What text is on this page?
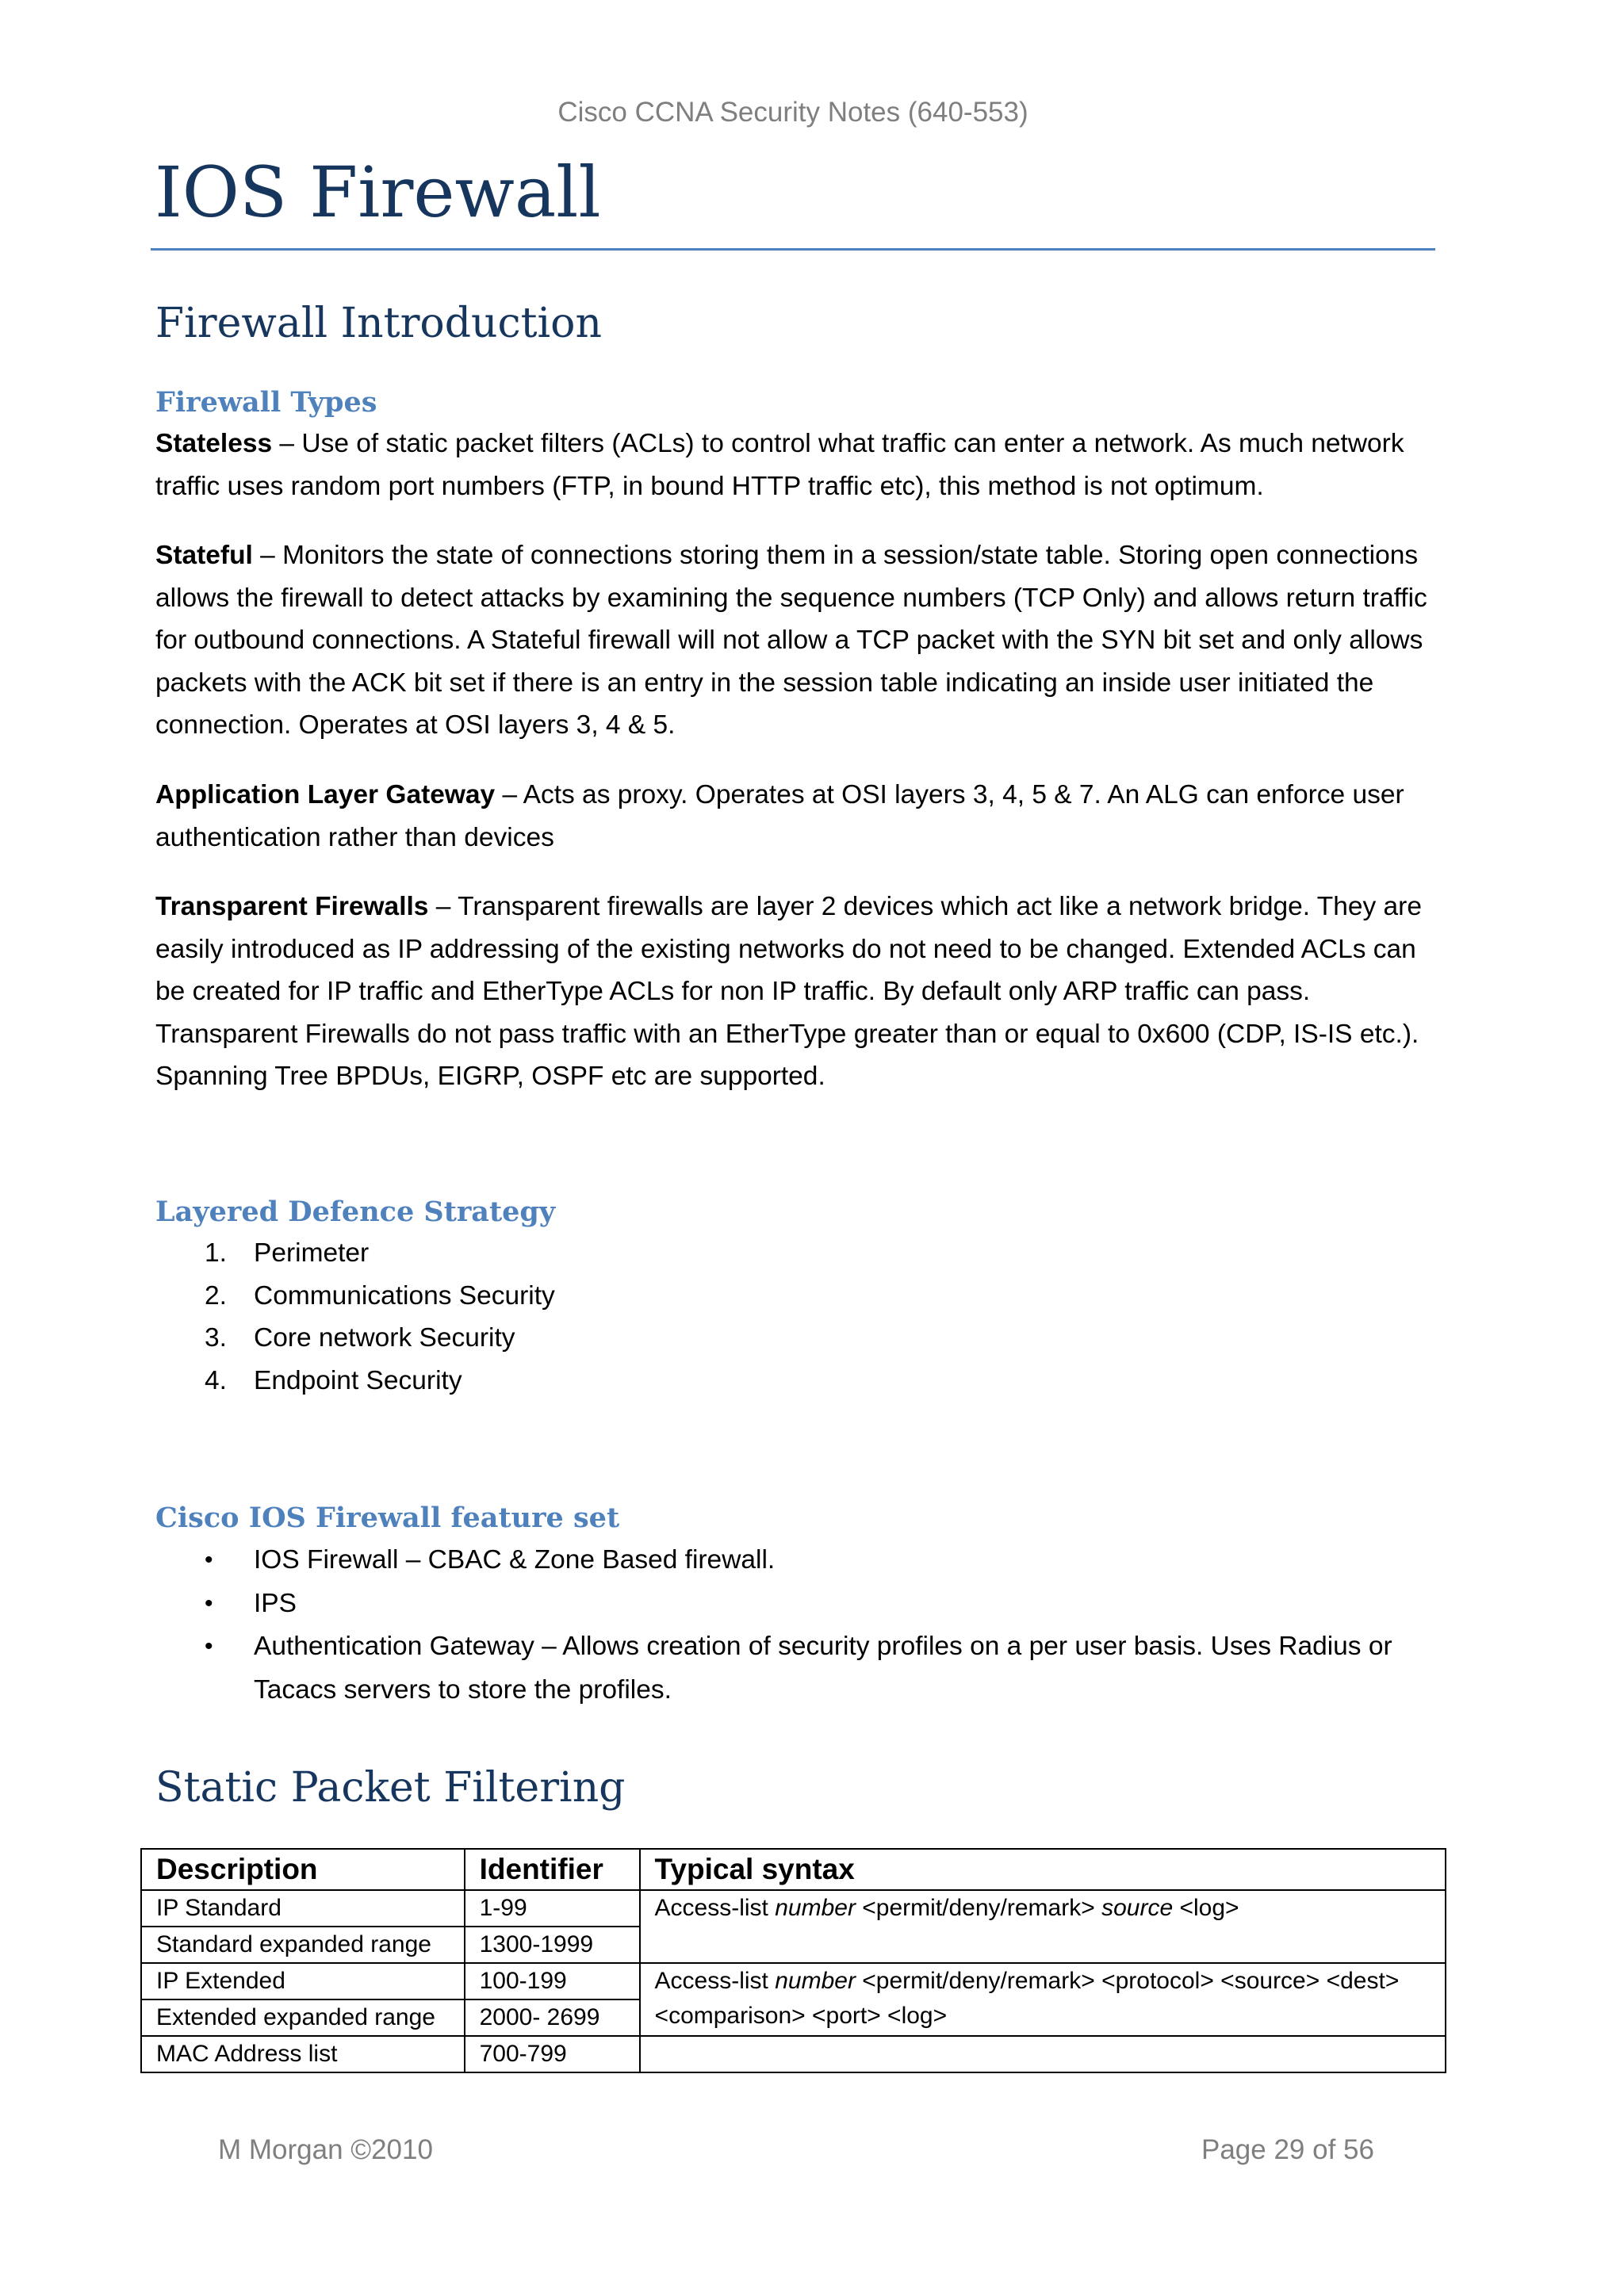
Cisco CCNA Security Notes (640-553)
IOS Firewall
Firewall Introduction
Firewall Types

Stateless – Use of static packet filters (ACLs) to control what traffic can enter a network. As much network traffic uses random port numbers (FTP, in bound HTTP traffic etc), this method is not optimum.

Stateful – Monitors the state of connections storing them in a session/state table. Storing open connections allows the firewall to detect attacks by examining the sequence numbers (TCP Only) and allows return traffic for outbound connections. A Stateful firewall will not allow a TCP packet with the SYN bit set and only allows packets with the ACK bit set if there is an entry in the session table indicating an inside user initiated the connection. Operates at OSI layers 3, 4 & 5.

Application Layer Gateway – Acts as proxy. Operates at OSI layers 3, 4, 5 & 7. An ALG can enforce user authentication rather than devices

Transparent Firewalls – Transparent firewalls are layer 2 devices which act like a network bridge. They are easily introduced as IP addressing of the existing networks do not need to be changed. Extended ACLs can be created for IP traffic and EtherType ACLs for non IP traffic. By default only ARP traffic can pass. Transparent Firewalls do not pass traffic with an EtherType greater than or equal to 0x600 (CDP, IS-IS etc.). Spanning Tree BPDUs, EIGRP, OSPF etc are supported.

Layered Defence Strategy
1. Perimeter
2. Communications Security
3. Core network Security
4. Endpoint Security
Cisco IOS Firewall feature set
• IOS Firewall – CBAC & Zone Based firewall.
• IPS
• Authentication Gateway – Allows creation of security profiles on a per user basis. Uses Radius or Tacacs servers to store the profiles.
Static Packet Filtering
Description	Identifier	Typical syntax
IP Standard	1-99	Access-list number <permit/deny/remark> source <log>
Standard expanded range	1300-1999	
IP Extended	100-199	Access-list number <permit/deny/remark> <protocol> <source> <dest> <comparison> <port> <log>
Extended expanded range	2000- 2699	
MAC Address list	700-799	
M Morgan ©2010	Page 29 of 56
